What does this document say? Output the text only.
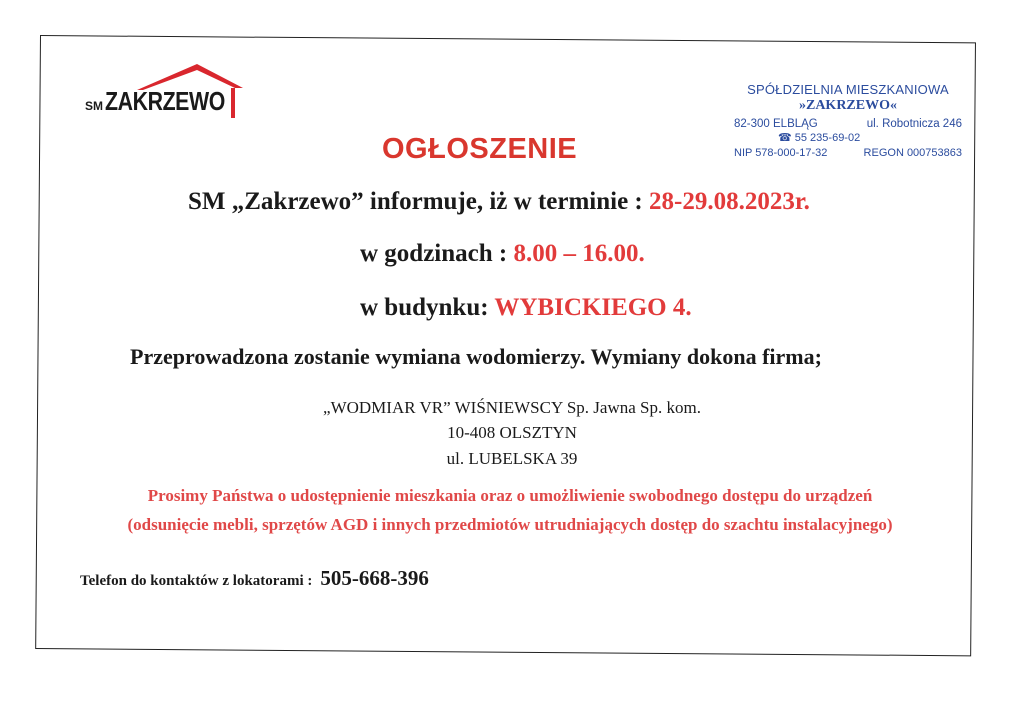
SM ZAKRZEWO	SPÓŁDZIELNIA MIESZKANIOWA
»ZAKRZEWO«
82-300 ELBLĄG	ul. Robotnicza 246
☎ 55 235-69-02
NIP 578-000-17-32	REGON 000753863
OGŁOSZENIE
SM „Zakrzewo” informuje, iż w terminie : 28-29.08.2023r.
w godzinach : 8.00 – 16.00.
w budynku: WYBICKIEGO 4.
Przeprowadzona zostanie wymiana wodomierzy. Wymiany dokona firma;
„WODMIAR VR” WIŚNIEWSCY Sp. Jawna Sp. kom.
10-408 OLSZTYN
ul. LUBELSKA 39
Prosimy Państwa o udostępnienie mieszkania oraz o umożliwienie swobodnego dostępu do urządzeń
(odsunięcie mebli, sprzętów AGD i innych przedmiotów utrudniających dostęp do szachtu instalacyjnego)
Telefon do kontaktów z lokatorami : 505-668-396
